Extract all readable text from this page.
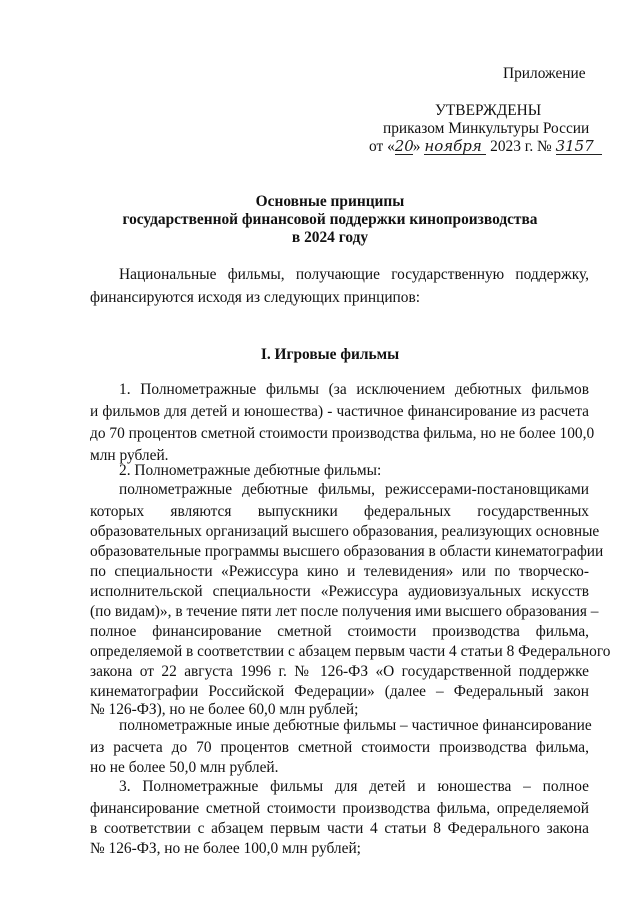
Приложение
УТВЕРЖДЕНЫ
приказом Минкультуры России
от «20» ноября 2023 г. № 3157
Основные принципы
государственной финансовой поддержки кинопроизводства
в 2024 году
Национальные фильмы, получающие государственную поддержку,
финансируются исходя из следующих принципов:
I. Игровые фильмы
1. Полнометражные фильмы (за исключением дебютных фильмов
и фильмов для детей и юношества) - частичное финансирование из расчета
до 70 процентов сметной стоимости производства фильма, но не более 100,0
млн рублей.
2. Полнометражные дебютные фильмы:
полнометражные дебютные фильмы, режиссерами-постановщиками
которых являются выпускники федеральных государственных
образовательных организаций высшего образования, реализующих основные
образовательные программы высшего образования в области кинематографии
по специальности «Режиссура кино и телевидения» или по творческо-
исполнительской специальности «Режиссура аудиовизуальных искусств
(по видам)», в течение пяти лет после получения ими высшего образования –
полное финансирование сметной стоимости производства фильма,
определяемой в соответствии с абзацем первым части 4 статьи 8 Федерального
закона от 22 августа 1996 г. № 126-ФЗ «О государственной поддержке
кинематографии Российской Федерации» (далее – Федеральный закон
№ 126-ФЗ), но не более 60,0 млн рублей;
полнометражные иные дебютные фильмы – частичное финансирование
из расчета до 70 процентов сметной стоимости производства фильма,
но не более 50,0 млн рублей.
3. Полнометражные фильмы для детей и юношества – полное
финансирование сметной стоимости производства фильма, определяемой
в соответствии с абзацем первым части 4 статьи 8 Федерального закона
№ 126-ФЗ, но не более 100,0 млн рублей;
